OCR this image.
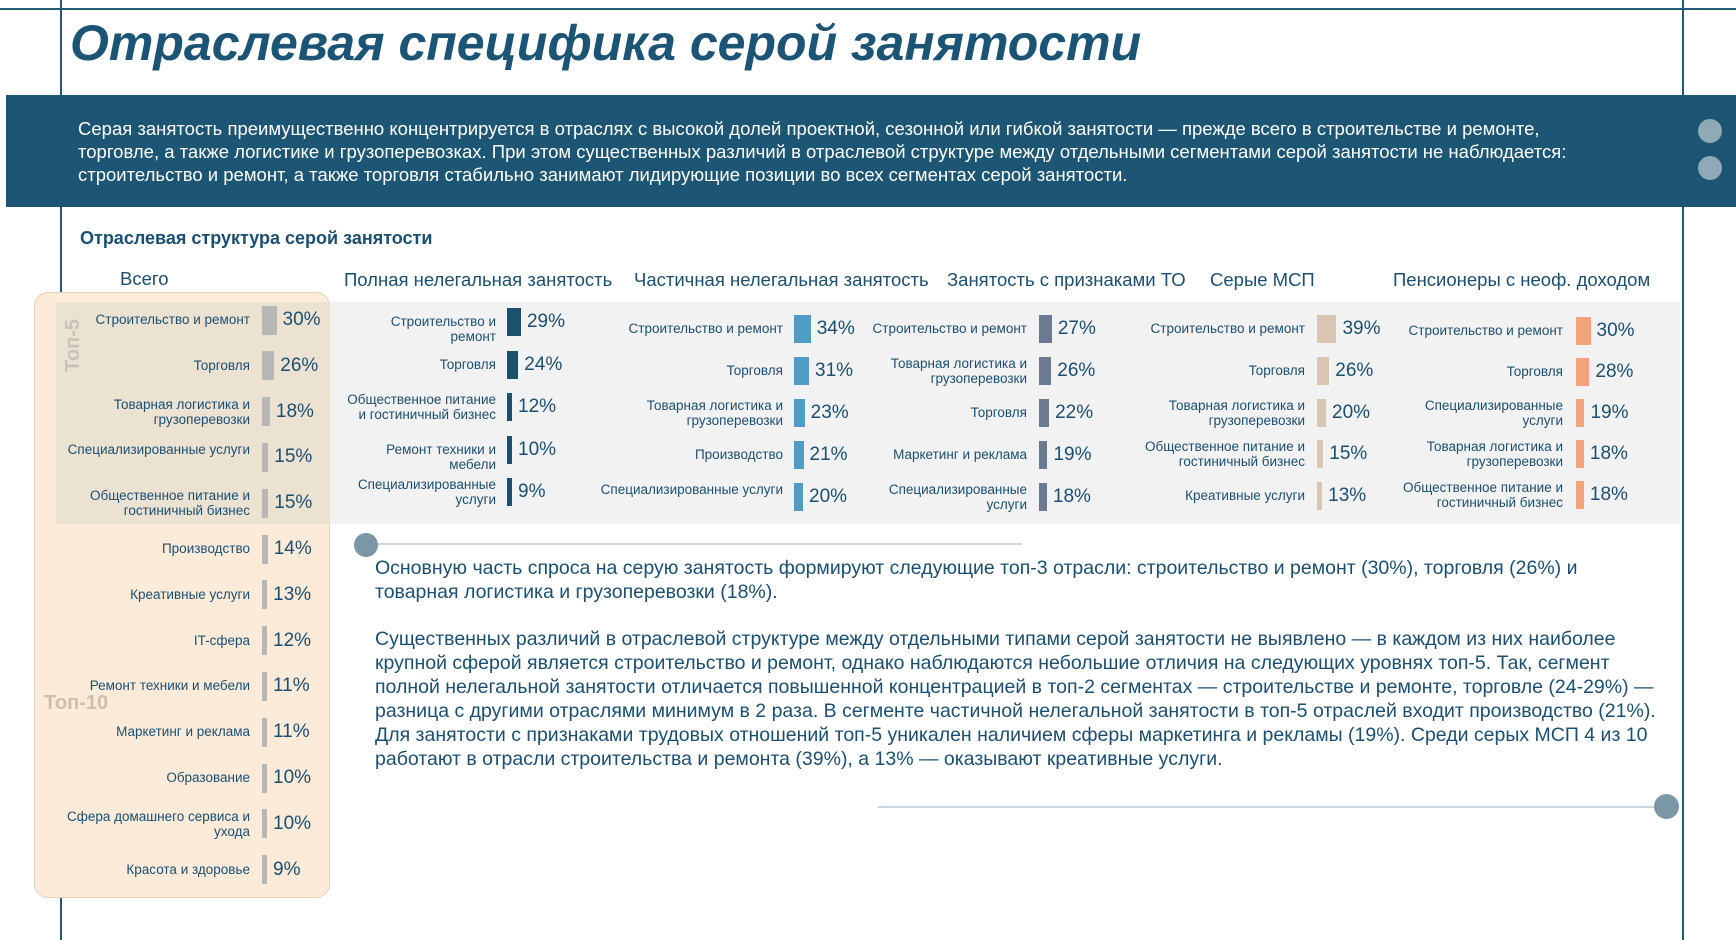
Отраслевая специфика серой занятости
Серая занятость преимущественно концентрируется в отраслях с высокой долей проектной, сезонной или гибкой занятости — прежде всего в строительстве и ремонте, торговле, а также логистике и грузоперевозках. При этом существенных различий в отраслевой структуре между отдельными сегментами серой занятости не наблюдается: строительство и ремонт, а также торговля стабильно занимают лидирующие позиции во всех сегментах серой занятости.
Отраслевая структура серой занятости
Топ-5
Топ-10
Всего	Полная нелегальная занятость Частичная нелегальная занятость Занятость с признаками ТО Серые МСП	Пенсионеры с неоф. доходом
Строительство и ремонт 30%
Торговля 26%
Товарная логистика и грузоперевозки 18%
Специализированные услуги 15%
Общественное питание и гостиничный бизнес 15%
Производство 14%
Креативные услуги 13%
IT-сфера 12%
Ремонт техники и мебели 11%
Маркетинг и реклама 11%
Образование 10%
Сфера домашнего сервиса и ухода 10%
Красота и здоровье 9%
Строительство и ремонт
29%
Торговля 24%
Общественное питание и гостиничный бизнес 12%
Ремонт техники и мебели
10%
Специализированные услуги 9%
Строительство и ремонт 34%
Торговля 31%
Товарная логистика и грузоперевозки 23%
Производство 21%
Специализированные услуги 20%
Строительство и ремонт 27%
Товарная логистика и грузоперевозки 26%
Торговля 22%
Маркетинг и реклама 19%
Специализированные услуги 18%
Строительство и ремонт 39%
Торговля 26%
Товарная логистика и грузоперевозки 20%
Общественное питание и гостиничный бизнес 15%
Креативные услуги 13%
Строительство и ремонт 30%
Торговля 28%
Специализированные услуги 19%
Товарная логистика и грузоперевозки 18%
Общественное питание и гостиничный бизнес 18%
Основную часть спроса на серую занятость формируют следующие топ-3 отрасли: строительство и ремонт (30%), торговля (26%) и товарная логистика и грузоперевозки (18%).
Существенных различий в отраслевой структуре между отдельными типами серой занятости не выявлено — в каждом из них наиболее крупной сферой является строительство и ремонт, однако наблюдаются небольшие отличия на следующих уровнях топ-5. Так, сегмент полной нелегальной занятости отличается повышенной концентрацией в топ-2 сегментах — строительстве и ремонте, торговле (24-29%) — разница с другими отраслями минимум в 2 раза. В сегменте частичной нелегальной занятости в топ-5 отраслей входит производство (21%). Для занятости с признаками трудовых отношений топ-5 уникален наличием сферы маркетинга и рекламы (19%). Среди серых МСП 4 из 10 работают в отрасли строительства и ремонта (39%), а 13% — оказывают креативные услуги.
